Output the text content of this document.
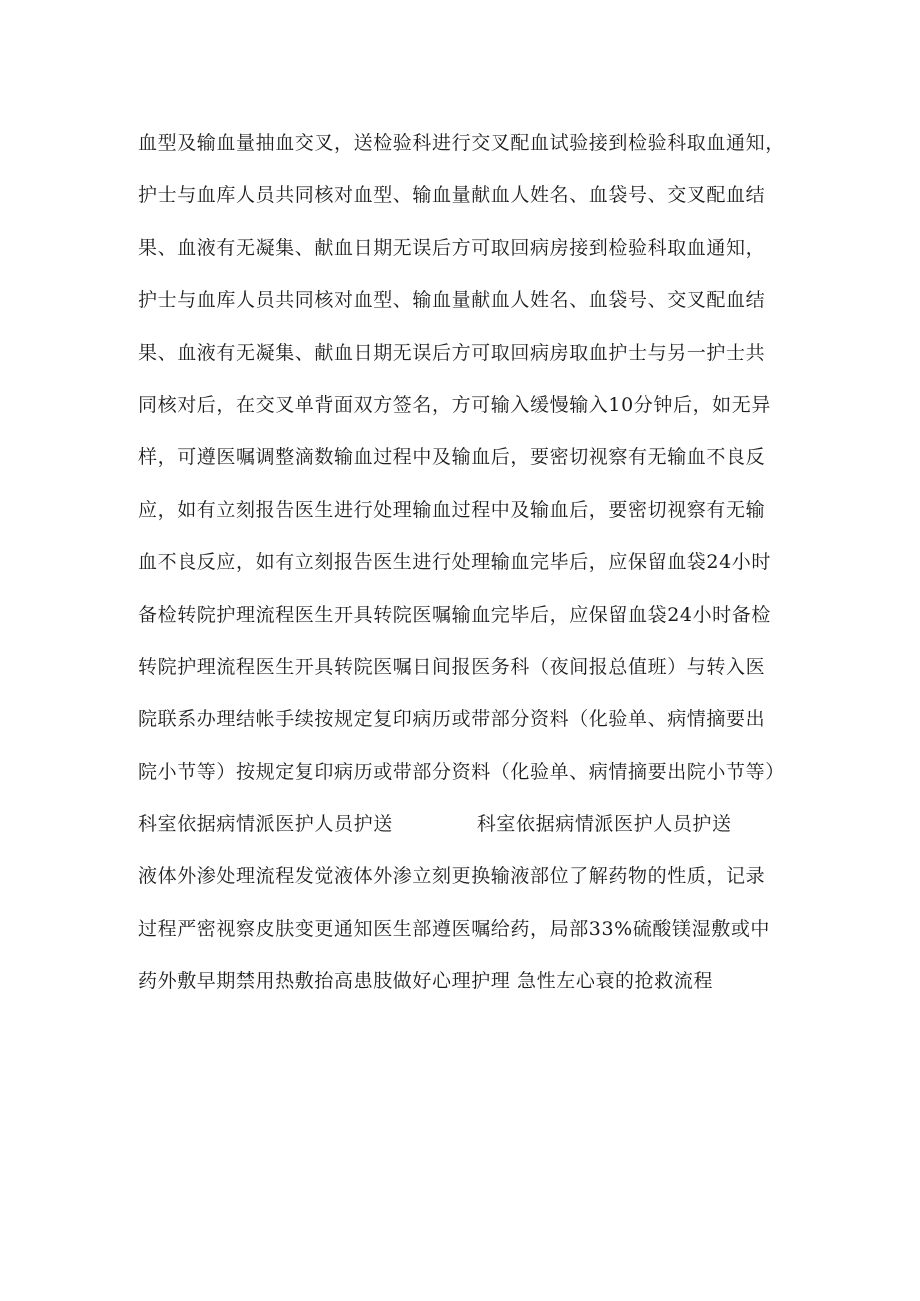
血型及输血量抽血交叉，送检验科进行交叉配血试验接到检验科取血通知，
护士与血库人员共同核对血型、输血量献血人姓名、血袋号、交叉配血结
果、血液有无凝集、献血日期无误后方可取回病房接到检验科取血通知，
护士与血库人员共同核对血型、输血量献血人姓名、血袋号、交叉配血结
果、血液有无凝集、献血日期无误后方可取回病房取血护士与另一护士共
同核对后，在交叉单背面双方签名，方可输入缓慢输入10分钟后，如无异
样，可遵医嘱调整滴数输血过程中及输血后，要密切视察有无输血不良反
应，如有立刻报告医生进行处理输血过程中及输血后，要密切视察有无输
血不良反应，如有立刻报告医生进行处理输血完毕后，应保留血袋24小时
备检转院护理流程医生开具转院医嘱输血完毕后，应保留血袋24小时备检
转院护理流程医生开具转院医嘱日间报医务科（夜间报总值班）与转入医
院联系办理结帐手续按规定复印病历或带部分资料（化验单、病情摘要出
院小节等）按规定复印病历或带部分资料（化验单、病情摘要出院小节等）
科室依据病情派医护人员护送	科室依据病情派医护人员护送
液体外渗处理流程发觉液体外渗立刻更换输液部位了解药物的性质，记录
过程严密视察皮肤变更通知医生部遵医嘱给药，局部33%硫酸镁湿敷或中
药外敷早期禁用热敷抬高患肢做好心理护理 急性左心衰的抢救流程
